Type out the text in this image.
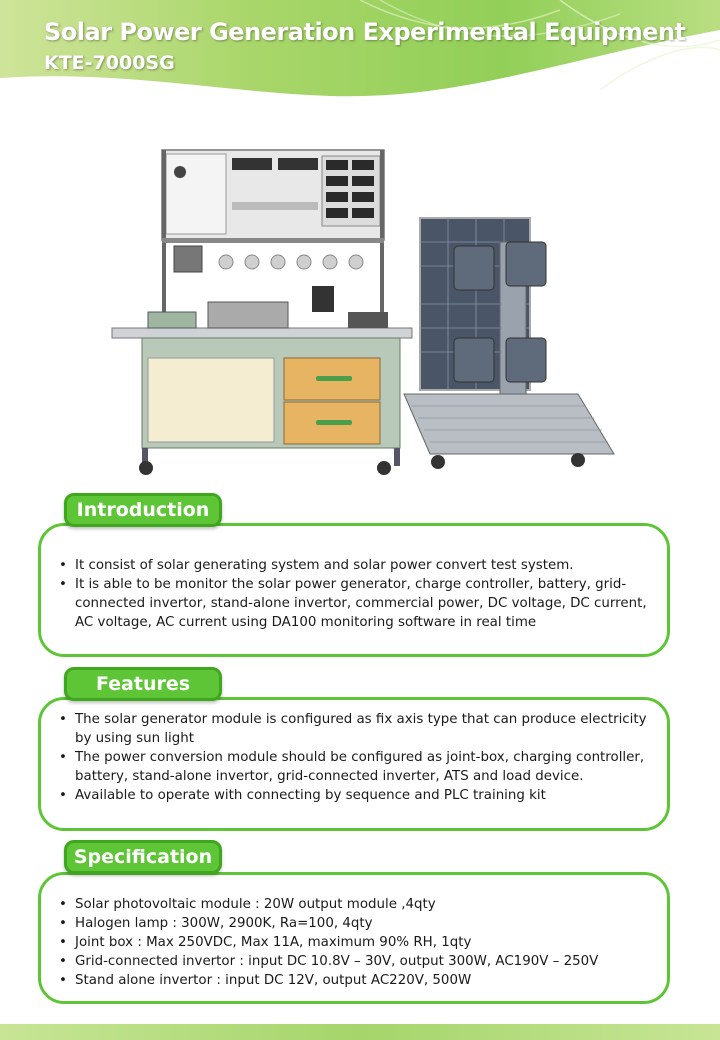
Solar Power Generation Experimental Equipment
KTE-7000SG
Introduction
• It consist of solar generating system and solar power convert test system.
• It is able to be monitor the solar power generator, charge controller, battery, grid-connected invertor, stand-alone invertor, commercial power, DC voltage, DC current, AC voltage, AC current using DA100 monitoring software in real time
Features
• The solar generator module is configured as fix axis type that can produce electricity by using sun light
• The power conversion module should be configured as joint-box, charging controller, battery, stand-alone invertor, grid-connected inverter, ATS and load device.
• Available to operate with connecting by sequence and PLC training kit
Specification
• Solar photovoltaic module : 20W output module ,4qty
• Halogen lamp : 300W, 2900K, Ra=100, 4qty
• Joint box : Max 250VDC, Max 11A, maximum 90% RH, 1qty
• Grid-connected invertor : input DC 10.8V – 30V, output 300W, AC190V – 250V
• Stand alone invertor : input DC 12V, output AC220V, 500W
